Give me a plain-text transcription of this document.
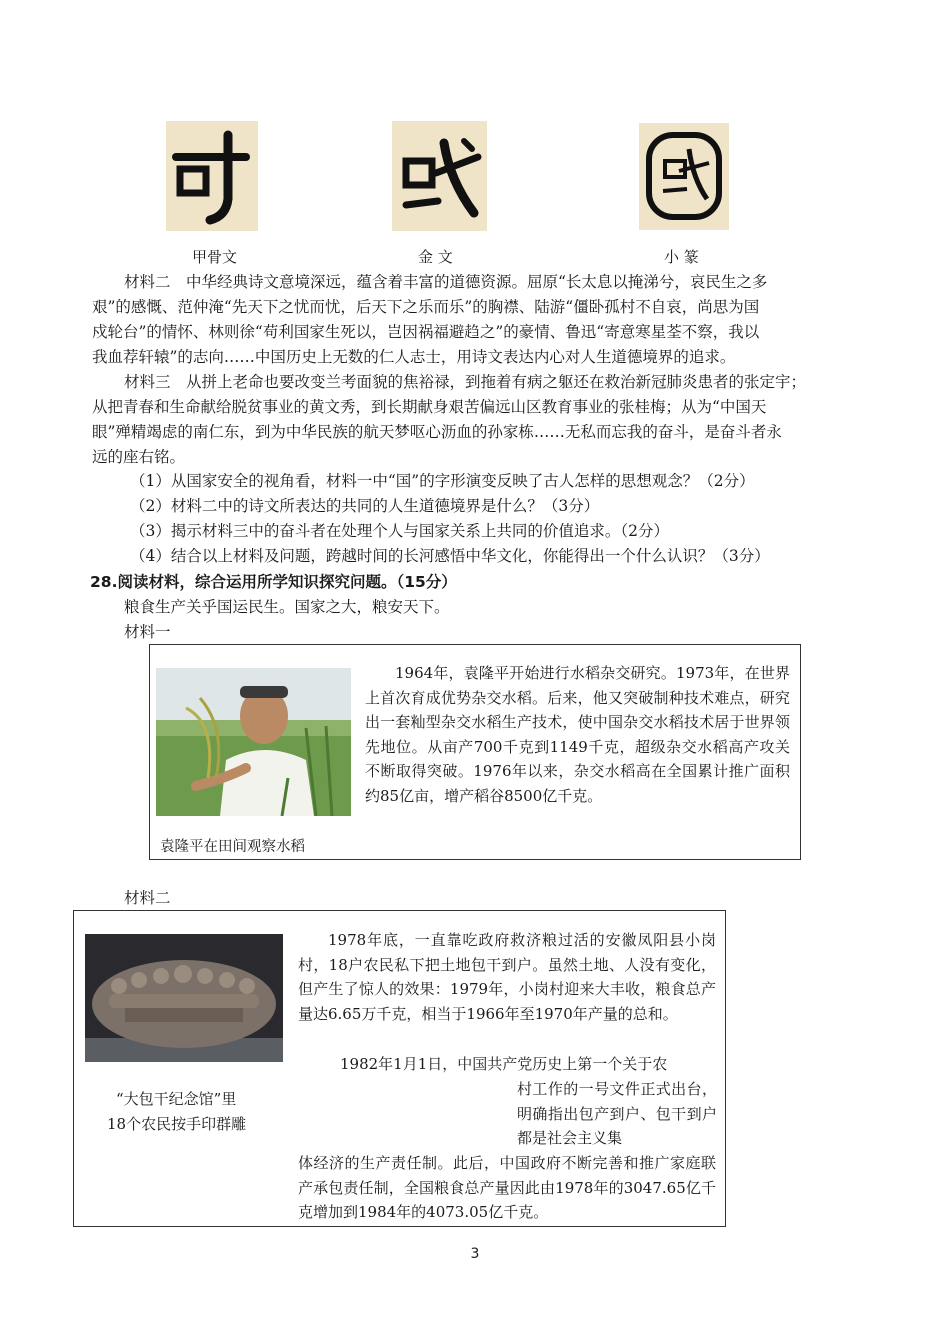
甲骨文	金 文	小 篆
材料二　中华经典诗文意境深远，蕴含着丰富的道德资源。屈原“长太息以掩涕兮，哀民生之多
艰”的感慨、范仲淹“先天下之忧而忧，后天下之乐而乐”的胸襟、陆游“僵卧孤村不自哀，尚思为国
戍轮台”的情怀、林则徐“苟利国家生死以，岂因祸福避趋之”的豪情、鲁迅“寄意寒星荃不察，我以
我血荐轩辕”的志向……中国历史上无数的仁人志士，用诗文表达内心对人生道德境界的追求。
材料三　从拼上老命也要改变兰考面貌的焦裕禄，到拖着有病之躯还在救治新冠肺炎患者的张定宇；
从把青春和生命献给脱贫事业的黄文秀，到长期献身艰苦偏远山区教育事业的张桂梅；从为“中国天
眼”殚精竭虑的南仁东，到为中华民族的航天梦呕心沥血的孙家栋……无私而忘我的奋斗，是奋斗者永
远的座右铭。
（1）从国家安全的视角看，材料一中“国”的字形演变反映了古人怎样的思想观念？（2分）
（2）材料二中的诗文所表达的共同的人生道德境界是什么？（3分）
（3）揭示材料三中的奋斗者在处理个人与国家关系上共同的价值追求。（2分）
（4）结合以上材料及问题，跨越时间的长河感悟中华文化，你能得出一个什么认识？（3分）
28.阅读材料，综合运用所学知识探究问题。（15分）
粮食生产关乎国运民生。国家之大，粮安天下。
材料一
袁隆平在田间观察水稻
1964年，袁隆平开始进行水稻杂交研究。1973年，在世界上首次育成优势杂交水稻。后来，他又突破制种技术难点，研究出一套籼型杂交水稻生产技术，使中国杂交水稻技术居于世界领先地位。从亩产700千克到1149千克，超级杂交水稻高产攻关不断取得突破。1976年以来，杂交水稻高在全国累计推广面积约85亿亩，增产稻谷8500亿千克。
材料二
“大包干纪念馆”里
18个农民按手印群雕
1978年底，一直靠吃政府救济粮过活的安徽凤阳县小岗村，18户农民私下把土地包干到户。虽然土地、人没有变化，但产生了惊人的效果：1979年，小岗村迎来大丰收，粮食总产量达6.65万千克，相当于1966年至1970年产量的总和。
1982年1月1日，中国共产党历史上第一个关于农
村工作的一号文件正式出台，明确指出包产到户、包干到户都是社会主义集
体经济的生产责任制。此后，中国政府不断完善和推广家庭联产承包责任制，全国粮食总产量因此由1978年的3047.65亿千克增加到1984年的4073.05亿千克。
3
